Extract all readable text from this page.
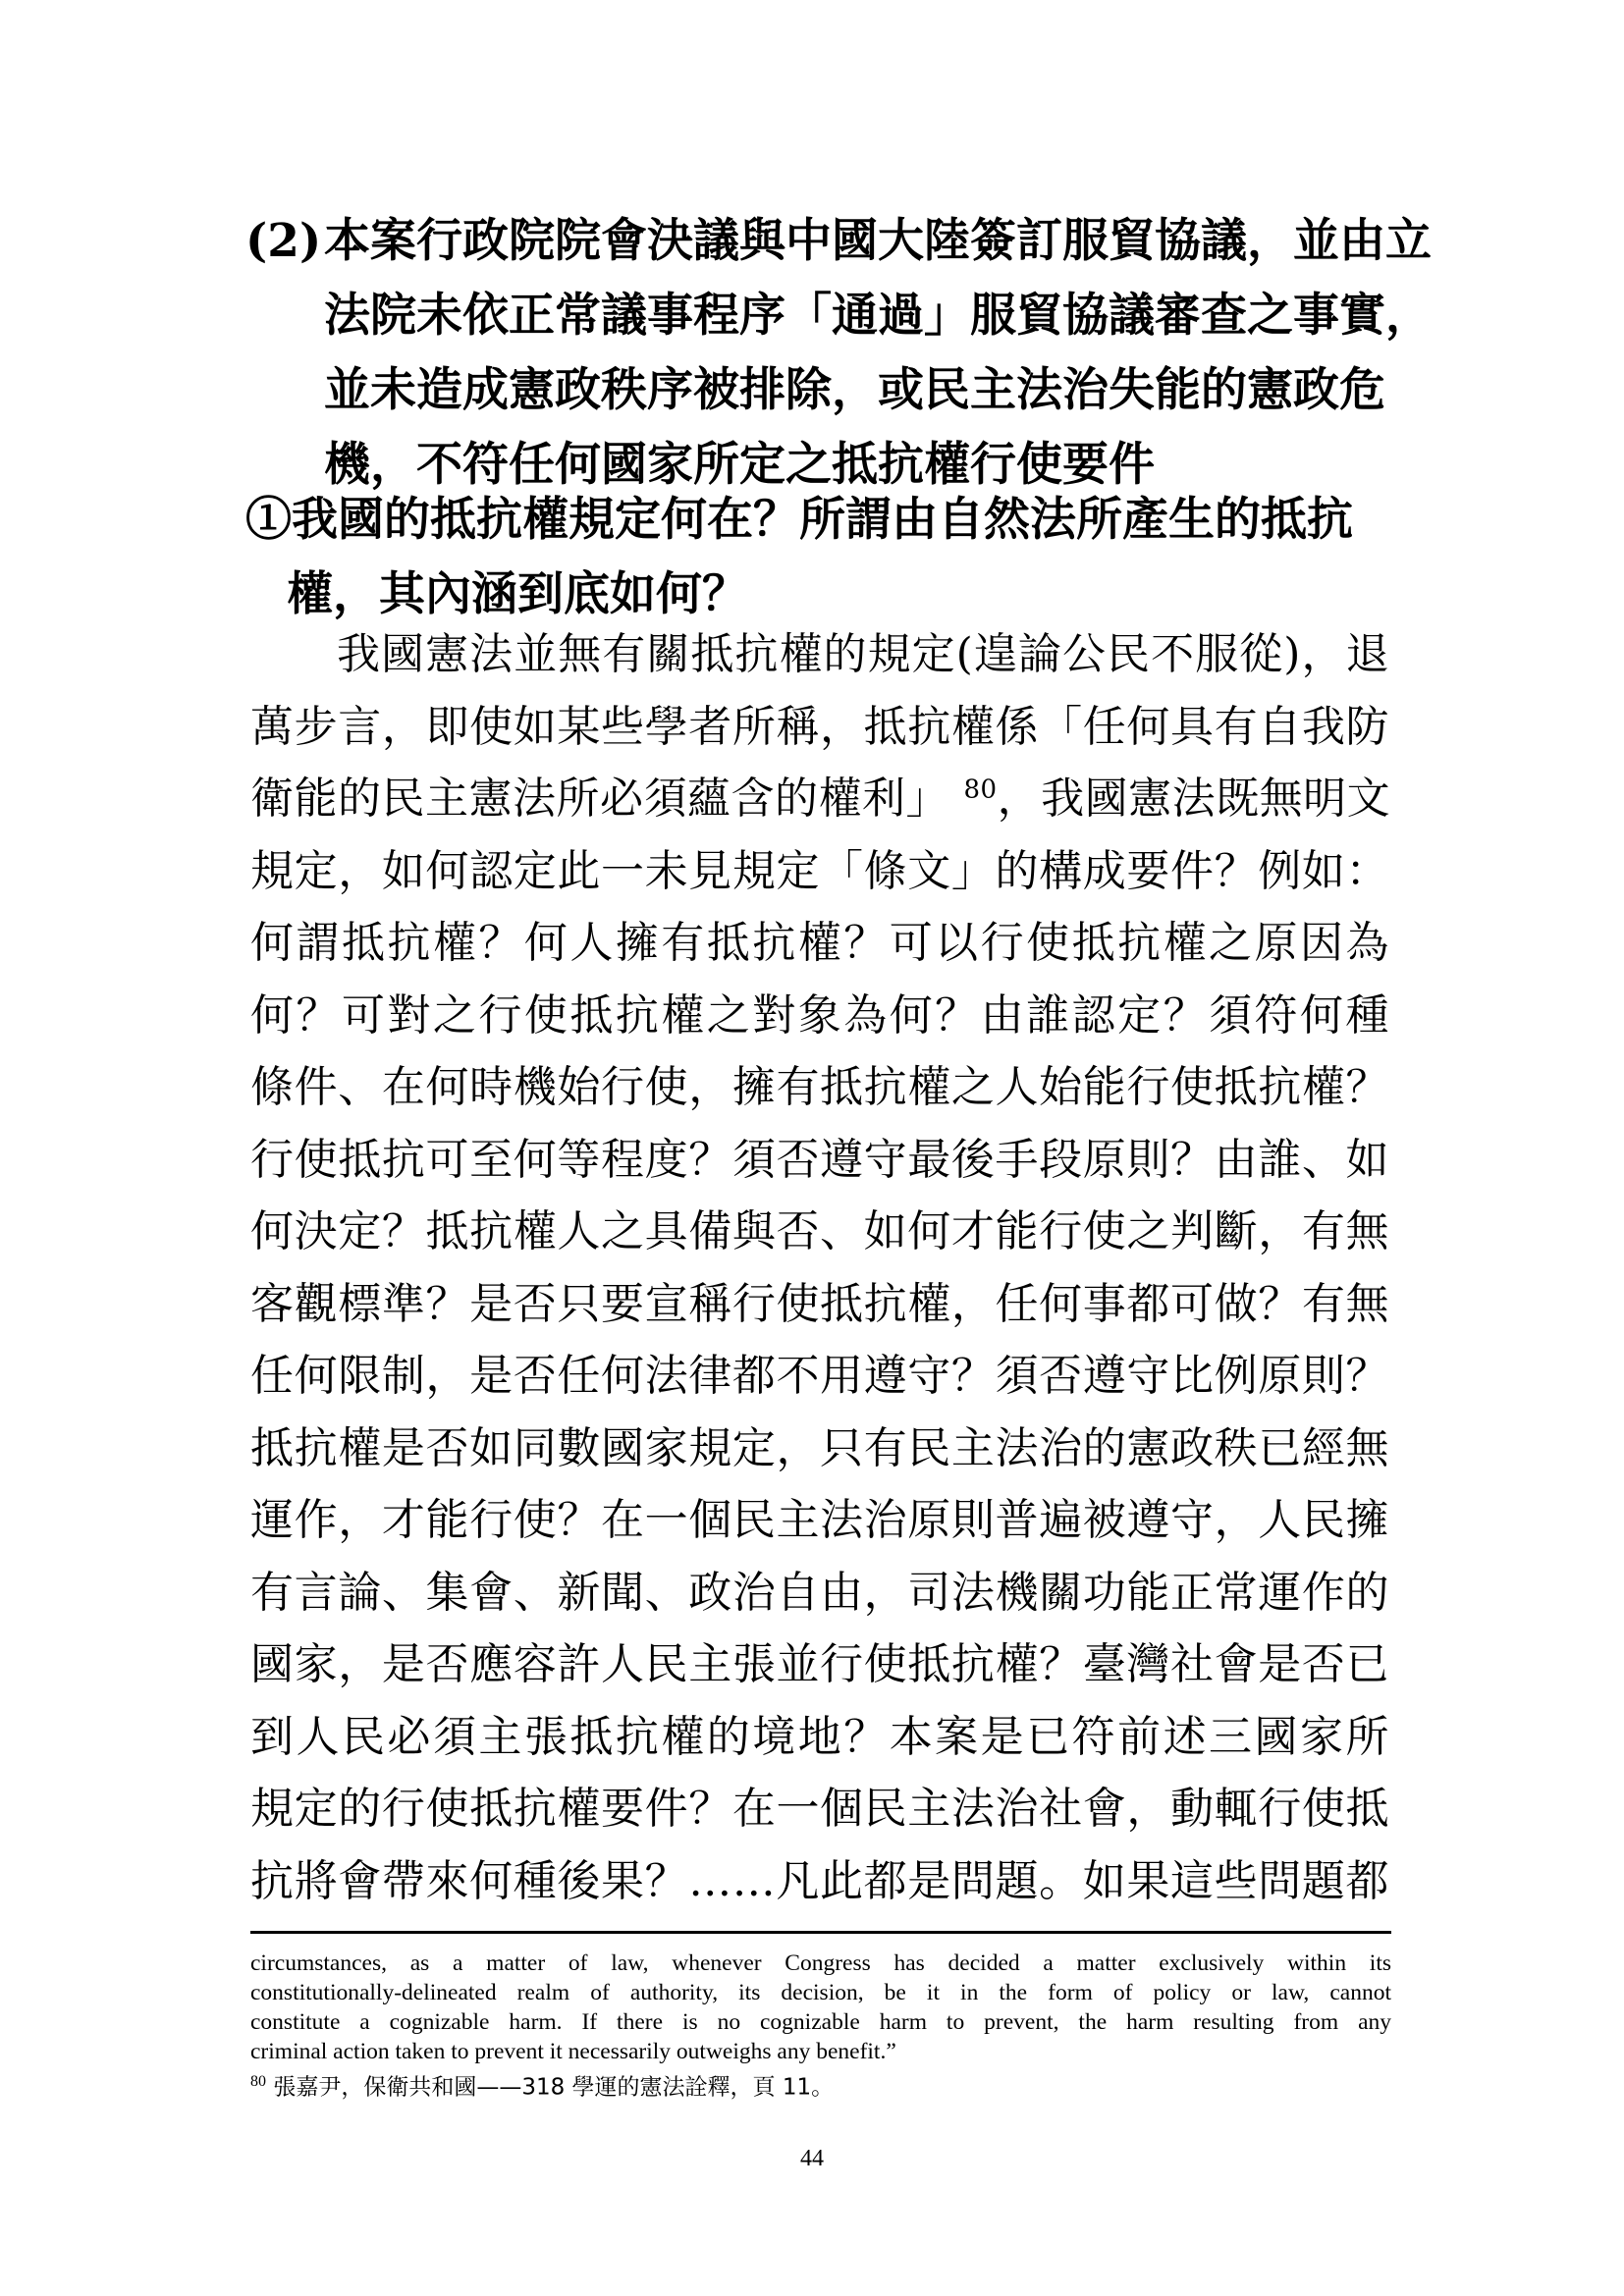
(2) 本案行政院院會決議與中國大陸簽訂服貿協議，並由立
法院未依正常議事程序「通過」服貿協議審查之事實，
並未造成憲政秩序被排除，或民主法治失能的憲政危
機，不符任何國家所定之抵抗權行使要件
①我國的抵抗權規定何在？所謂由自然法所產生的抵抗
權，其內涵到底如何？
我國憲法並無有關抵抗權的規定(遑論公民不服從)，退
萬步言，即使如某些學者所稱，抵抗權係「任何具有自我防
衛能的民主憲法所必須蘊含的權利」 $^{80}$，我國憲法既無明文
規定，如何認定此一未見規定「條文」的構成要件？例如：
何謂抵抗權？何人擁有抵抗權？可以行使抵抗權之原因為
何？可對之行使抵抗權之對象為何？由誰認定？須符何種
條件、在何時機始行使，擁有抵抗權之人始能行使抵抗權？
行使抵抗可至何等程度？須否遵守最後手段原則？由誰、如
何決定？抵抗權人之具備與否、如何才能行使之判斷，有無
客觀標準？是否只要宣稱行使抵抗權，任何事都可做？有無
任何限制，是否任何法律都不用遵守？須否遵守比例原則？
抵抗權是否如同數國家規定，只有民主法治的憲政秩已經無
運作，才能行使？在一個民主法治原則普遍被遵守，人民擁
有言論、集會、新聞、政治自由，司法機關功能正常運作的
國家，是否應容許人民主張並行使抵抗權？臺灣社會是否已
到人民必須主張抵抗權的境地？本案是已符前述三國家所
規定的行使抵抗權要件？在一個民主法治社會，動輒行使抵
抗將會帶來何種後果？……凡此都是問題。如果這些問題都
circumstances, as a matter of law, whenever Congress has decided a matter exclusively within its
constitutionally-delineated realm of authority, its decision, be it in the form of policy or law, cannot
constitute a cognizable harm. If there is no cognizable harm to prevent, the harm resulting from any
criminal action taken to prevent it necessarily outweighs any benefit.”
$^{80}$ 張嘉尹，保衛共和國——318 學運的憲法詮釋，頁 11。
44
